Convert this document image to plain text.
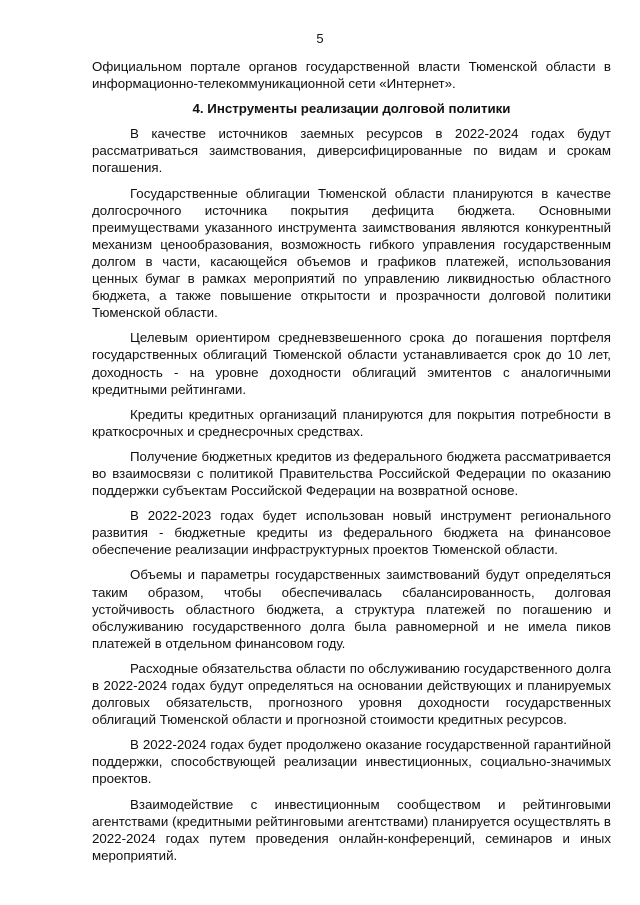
5

Официальном портале органов государственной власти Тюменской области в информационно-телекоммуникационной сети «Интернет».

4. Инструменты реализации долговой политики

В качестве источников заемных ресурсов в 2022-2024 годах будут рассматриваться заимствования, диверсифицированные по видам и срокам погашения.

Государственные облигации Тюменской области планируются в качестве долгосрочного источника покрытия дефицита бюджета. Основными преимуществами указанного инструмента заимствования являются конкурентный механизм ценообразования, возможность гибкого управления государственным долгом в части, касающейся объемов и графиков платежей, использования ценных бумаг в рамках мероприятий по управлению ликвидностью областного бюджета, а также повышение открытости и прозрачности долговой политики Тюменской области.

Целевым ориентиром средневзвешенного срока до погашения портфеля государственных облигаций Тюменской области устанавливается срок до 10 лет, доходность - на уровне доходности облигаций эмитентов с аналогичными кредитными рейтингами.

Кредиты кредитных организаций планируются для покрытия потребности в краткосрочных и среднесрочных средствах.

Получение бюджетных кредитов из федерального бюджета рассматривается во взаимосвязи с политикой Правительства Российской Федерации по оказанию поддержки субъектам Российской Федерации на возвратной основе.

В 2022-2023 годах будет использован новый инструмент регионального развития - бюджетные кредиты из федерального бюджета на финансовое обеспечение реализации инфраструктурных проектов Тюменской области.

Объемы и параметры государственных заимствований будут определяться таким образом, чтобы обеспечивалась сбалансированность, долговая устойчивость областного бюджета, а структура платежей по погашению и обслуживанию государственного долга была равномерной и не имела пиков платежей в отдельном финансовом году.

Расходные обязательства области по обслуживанию государственного долга в 2022-2024 годах будут определяться на основании действующих и планируемых долговых обязательств, прогнозного уровня доходности государственных облигаций Тюменской области и прогнозной стоимости кредитных ресурсов.

В 2022-2024 годах будет продолжено оказание государственной гарантийной поддержки, способствующей реализации инвестиционных, социально-значимых проектов.

Взаимодействие с инвестиционным сообществом и рейтинговыми агентствами (кредитными рейтинговыми агентствами) планируется осуществлять в 2022-2024 годах путем проведения онлайн-конференций, семинаров и иных мероприятий.
